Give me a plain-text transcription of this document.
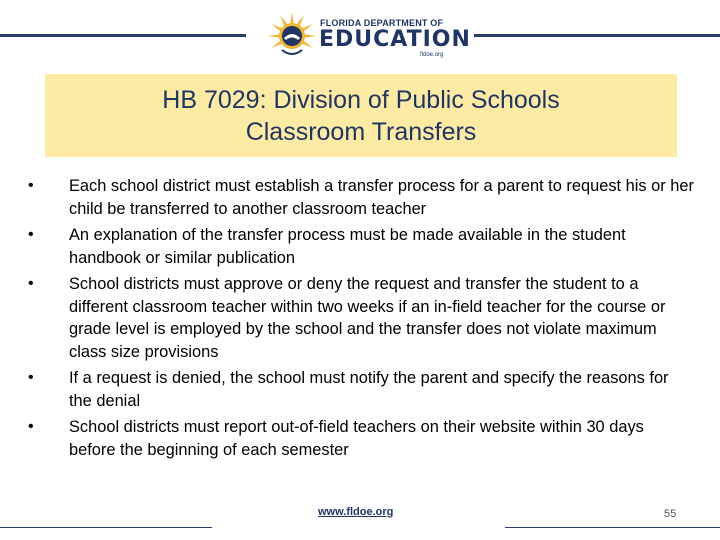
FLORIDA DEPARTMENT OF
EDUCATION
fldoe.org
HB 7029: Division of Public Schools
Classroom Transfers
• Each school district must establish a transfer process for a parent to request his or her child be transferred to another classroom teacher
• An explanation of the transfer process must be made available in the student handbook or similar publication
• School districts must approve or deny the request and transfer the student to a different classroom teacher within two weeks if an in-field teacher for the course or grade level is employed by the school and the transfer does not violate maximum class size provisions
• If a request is denied, the school must notify the parent and specify the reasons for the denial
• School districts must report out-of-field teachers on their website within 30 days before the beginning of each semester
www.fldoe.org	55
